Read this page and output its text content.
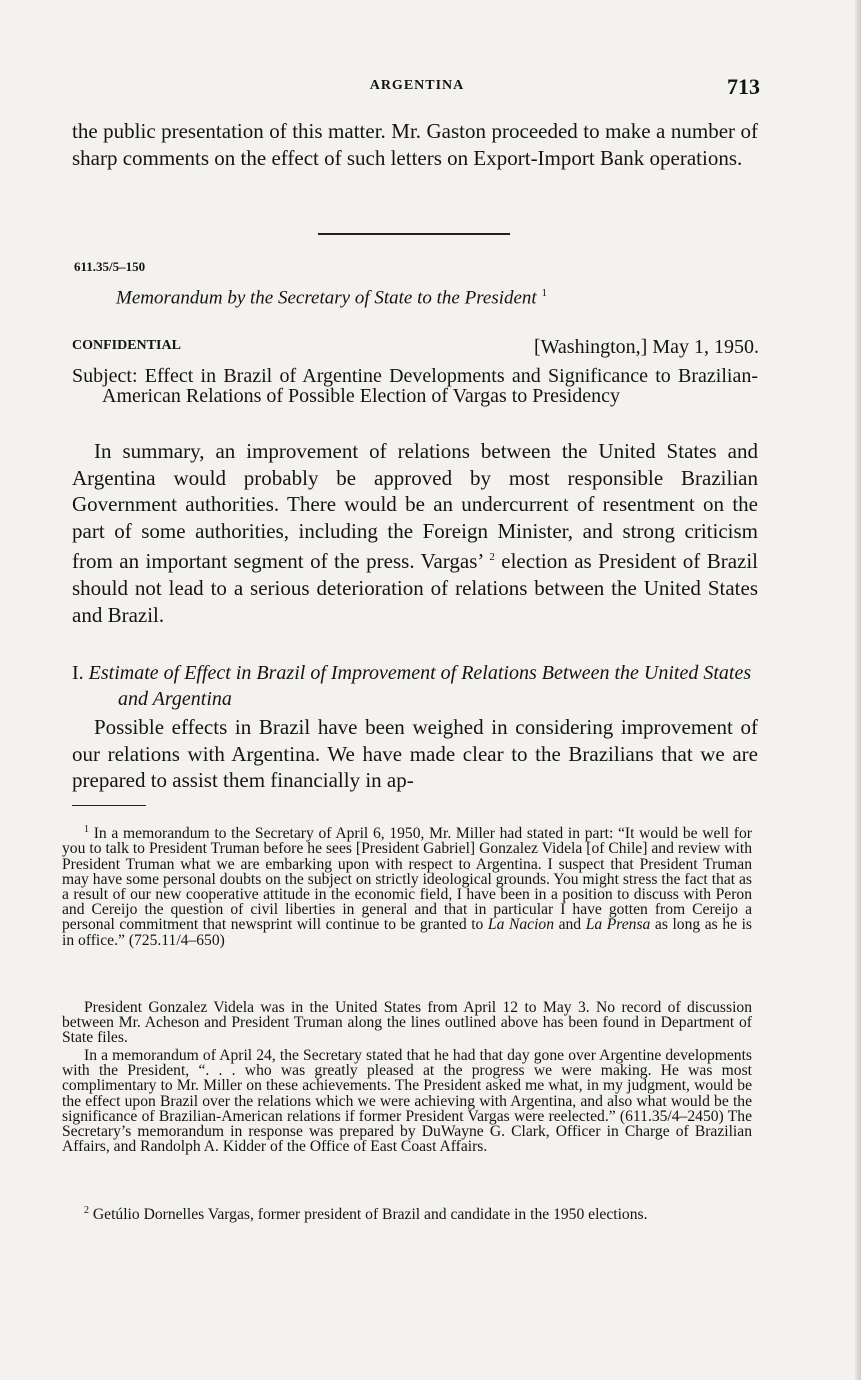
ARGENTINA	713

the public presentation of this matter. Mr. Gaston proceeded to make a number of sharp comments on the effect of such letters on Export-Import Bank operations.

611.35/5–150
Memorandum by the Secretary of State to the President $^1$
CONFIDENTIAL	[Washington,] May 1, 1950.

Subject: Effect in Brazil of Argentine Developments and Significance to Brazilian-American Relations of Possible Election of Vargas to Presidency

In summary, an improvement of relations between the United States and Argentina would probably be approved by most responsible Brazilian Government authorities. There would be an undercurrent of resentment on the part of some authorities, including the Foreign Minister, and strong criticism from an important segment of the press. Vargas’ $^2$ election as President of Brazil should not lead to a serious deterioration of relations between the United States and Brazil.

I. Estimate of Effect in Brazil of Improvement of Relations Between the United States and Argentina

Possible effects in Brazil have been weighed in considering improvement of our relations with Argentina. We have made clear to the Brazilians that we are prepared to assist them financially in ap-

$^1$ In a memorandum to the Secretary of April 6, 1950, Mr. Miller had stated in part: “It would be well for you to talk to President Truman before he sees [President Gabriel] Gonzalez Videla [of Chile] and review with President Truman what we are embarking upon with respect to Argentina. I suspect that President Truman may have some personal doubts on the subject on strictly ideological grounds. You might stress the fact that as a result of our new cooperative attitude in the economic field, I have been in a position to discuss with Peron and Cereijo the question of civil liberties in general and that in particular I have gotten from Cereijo a personal commitment that newsprint will continue to be granted to La Nacion and La Prensa as long as he is in office.” (725.11/4–650)

President Gonzalez Videla was in the United States from April 12 to May 3. No record of discussion between Mr. Acheson and President Truman along the lines outlined above has been found in Department of State files.

In a memorandum of April 24, the Secretary stated that he had that day gone over Argentine developments with the President, “. . . who was greatly pleased at the progress we were making. He was most complimentary to Mr. Miller on these achievements. The President asked me what, in my judgment, would be the effect upon Brazil over the relations which we were achieving with Argentina, and also what would be the significance of Brazilian-American relations if former President Vargas were reelected.” (611.35/4–2450) The Secretary’s memorandum in response was prepared by DuWayne G. Clark, Officer in Charge of Brazilian Affairs, and Randolph A. Kidder of the Office of East Coast Affairs.

$^2$ Getúlio Dornelles Vargas, former president of Brazil and candidate in the 1950 elections.
